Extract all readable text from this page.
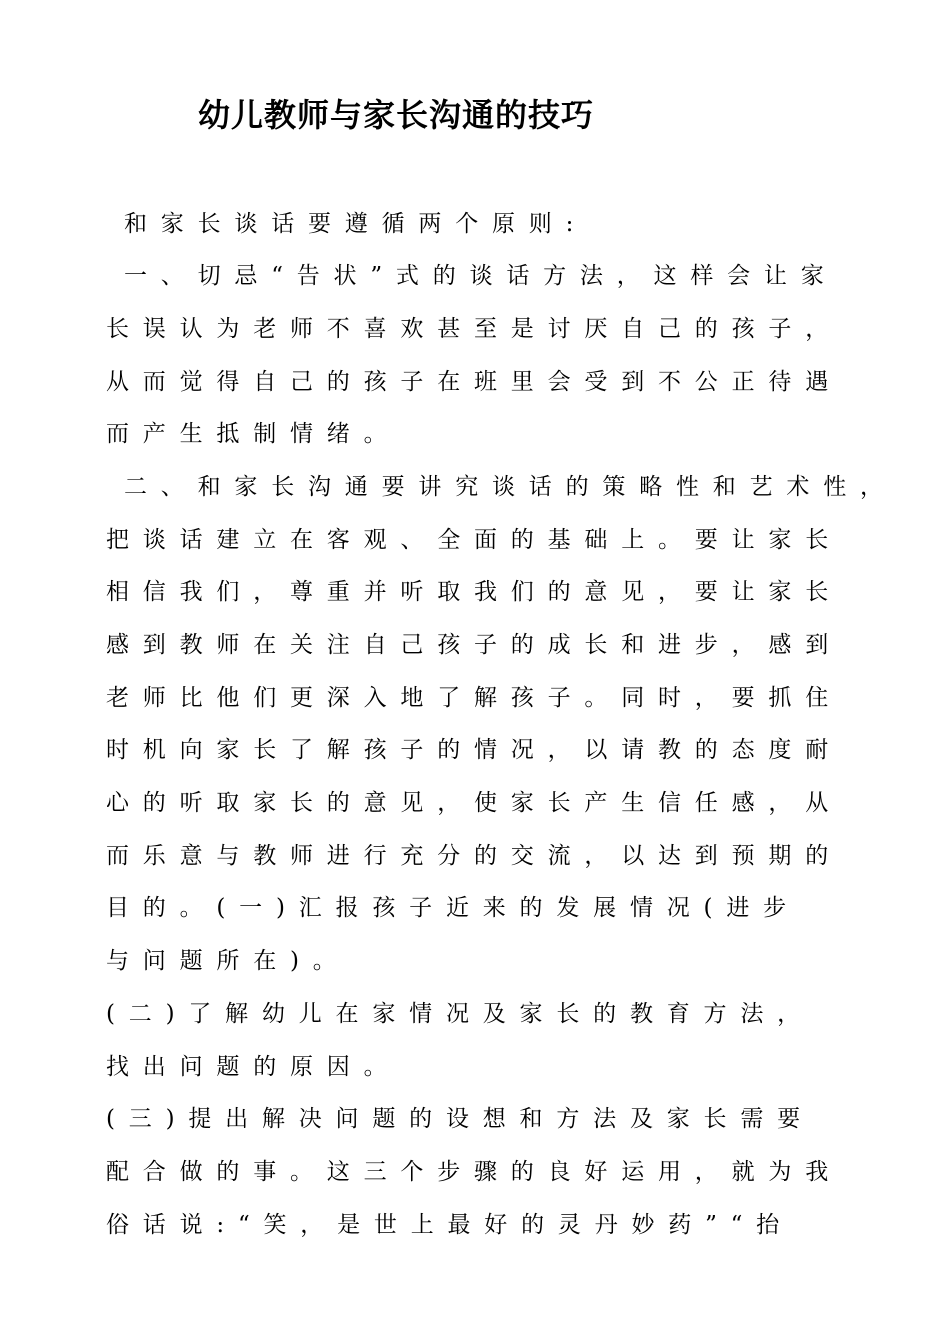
幼儿教师与家长沟通的技巧
和家长谈话要遵循两个原则:
一、切忌“告状”式的谈话方法，这样会让家
长误认为老师不喜欢甚至是讨厌自己的孩子，
从而觉得自己的孩子在班里会受到不公正待遇
而产生抵制情绪。
二、和家长沟通要讲究谈话的策略性和艺术性，
把谈话建立在客观、全面的基础上。要让家长
相信我们，尊重并听取我们的意见，要让家长
感到教师在关注自己孩子的成长和进步，感到
老师比他们更深入地了解孩子。同时，要抓住
时机向家长了解孩子的情况，以请教的态度耐
心的听取家长的意见，使家长产生信任感，从
而乐意与教师进行充分的交流，以达到预期的
目的。(一)汇报孩子近来的发展情况(进步
与问题所在)。
(二)了解幼儿在家情况及家长的教育方法，
找出问题的原因。
(三)提出解决问题的设想和方法及家长需要
配合做的事。这三个步骤的良好运用，就为我
俗话说:“笑，是世上最好的灵丹妙药”“抬
